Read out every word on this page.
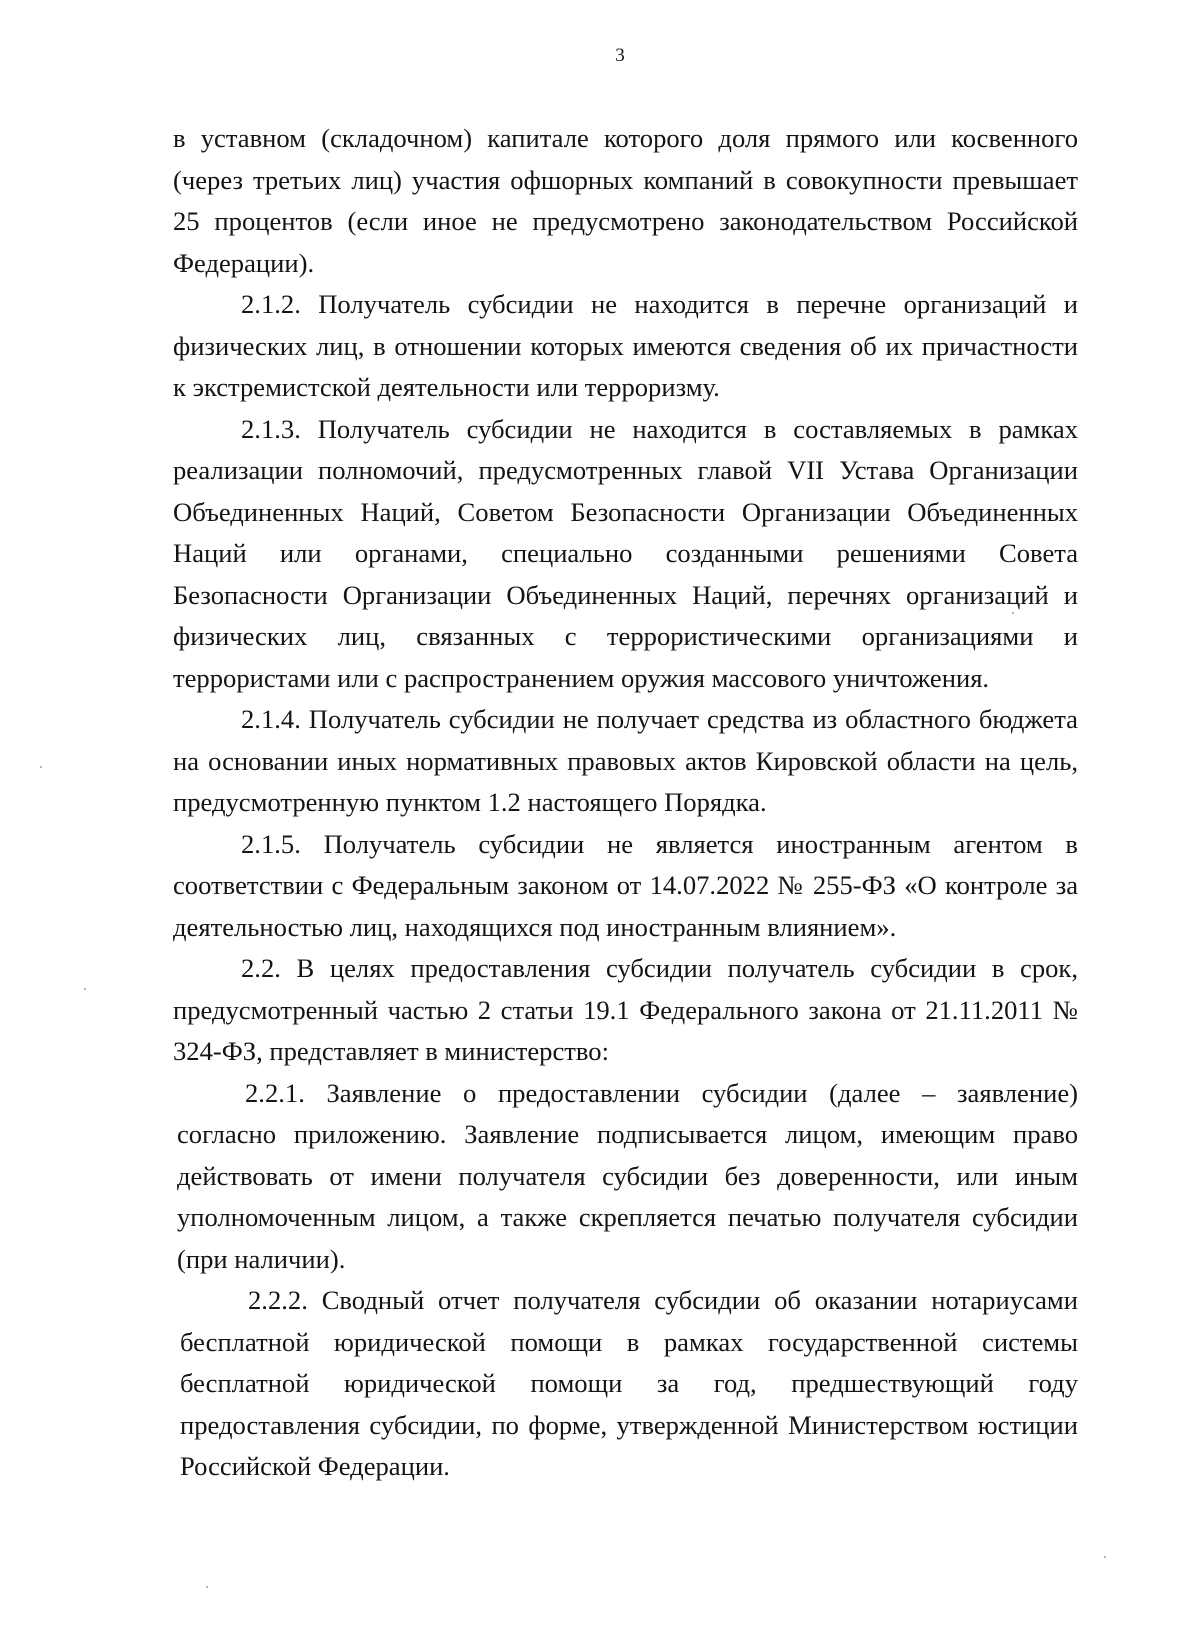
3

в уставном (складочном) капитале которого доля прямого или косвенного (через третьих лиц) участия офшорных компаний в совокупности превышает 25 процентов (если иное не предусмотрено законодательством Российской Федерации).

2.1.2. Получатель субсидии не находится в перечне организаций и физических лиц, в отношении которых имеются сведения об их причастности к экстремистской деятельности или терроризму.

2.1.3. Получатель субсидии не находится в составляемых в рамках реализации полномочий, предусмотренных главой VII Устава Организации Объединенных Наций, Советом Безопасности Организации Объединенных Наций или органами, специально созданными решениями Совета Безопасности Организации Объединенных Наций, перечнях организаций и физических лиц, связанных с террористическими организациями и террористами или с распространением оружия массового уничтожения.

2.1.4. Получатель субсидии не получает средства из областного бюджета на основании иных нормативных правовых актов Кировской области на цель, предусмотренную пунктом 1.2 настоящего Порядка.

2.1.5. Получатель субсидии не является иностранным агентом в соответствии с Федеральным законом от 14.07.2022 № 255-ФЗ «О контроле за деятельностью лиц, находящихся под иностранным влиянием».

2.2. В целях предоставления субсидии получатель субсидии в срок, предусмотренный частью 2 статьи 19.1 Федерального закона от 21.11.2011 № 324-ФЗ, представляет в министерство:

2.2.1. Заявление о предоставлении субсидии (далее – заявление) согласно приложению. Заявление подписывается лицом, имеющим право действовать от имени получателя субсидии без доверенности, или иным уполномоченным лицом, а также скрепляется печатью получателя субсидии (при наличии).

2.2.2. Сводный отчет получателя субсидии об оказании нотариусами бесплатной юридической помощи в рамках государственной системы бесплатной юридической помощи за год, предшествующий году предоставления субсидии, по форме, утвержденной Министерством юстиции Российской Федерации.
